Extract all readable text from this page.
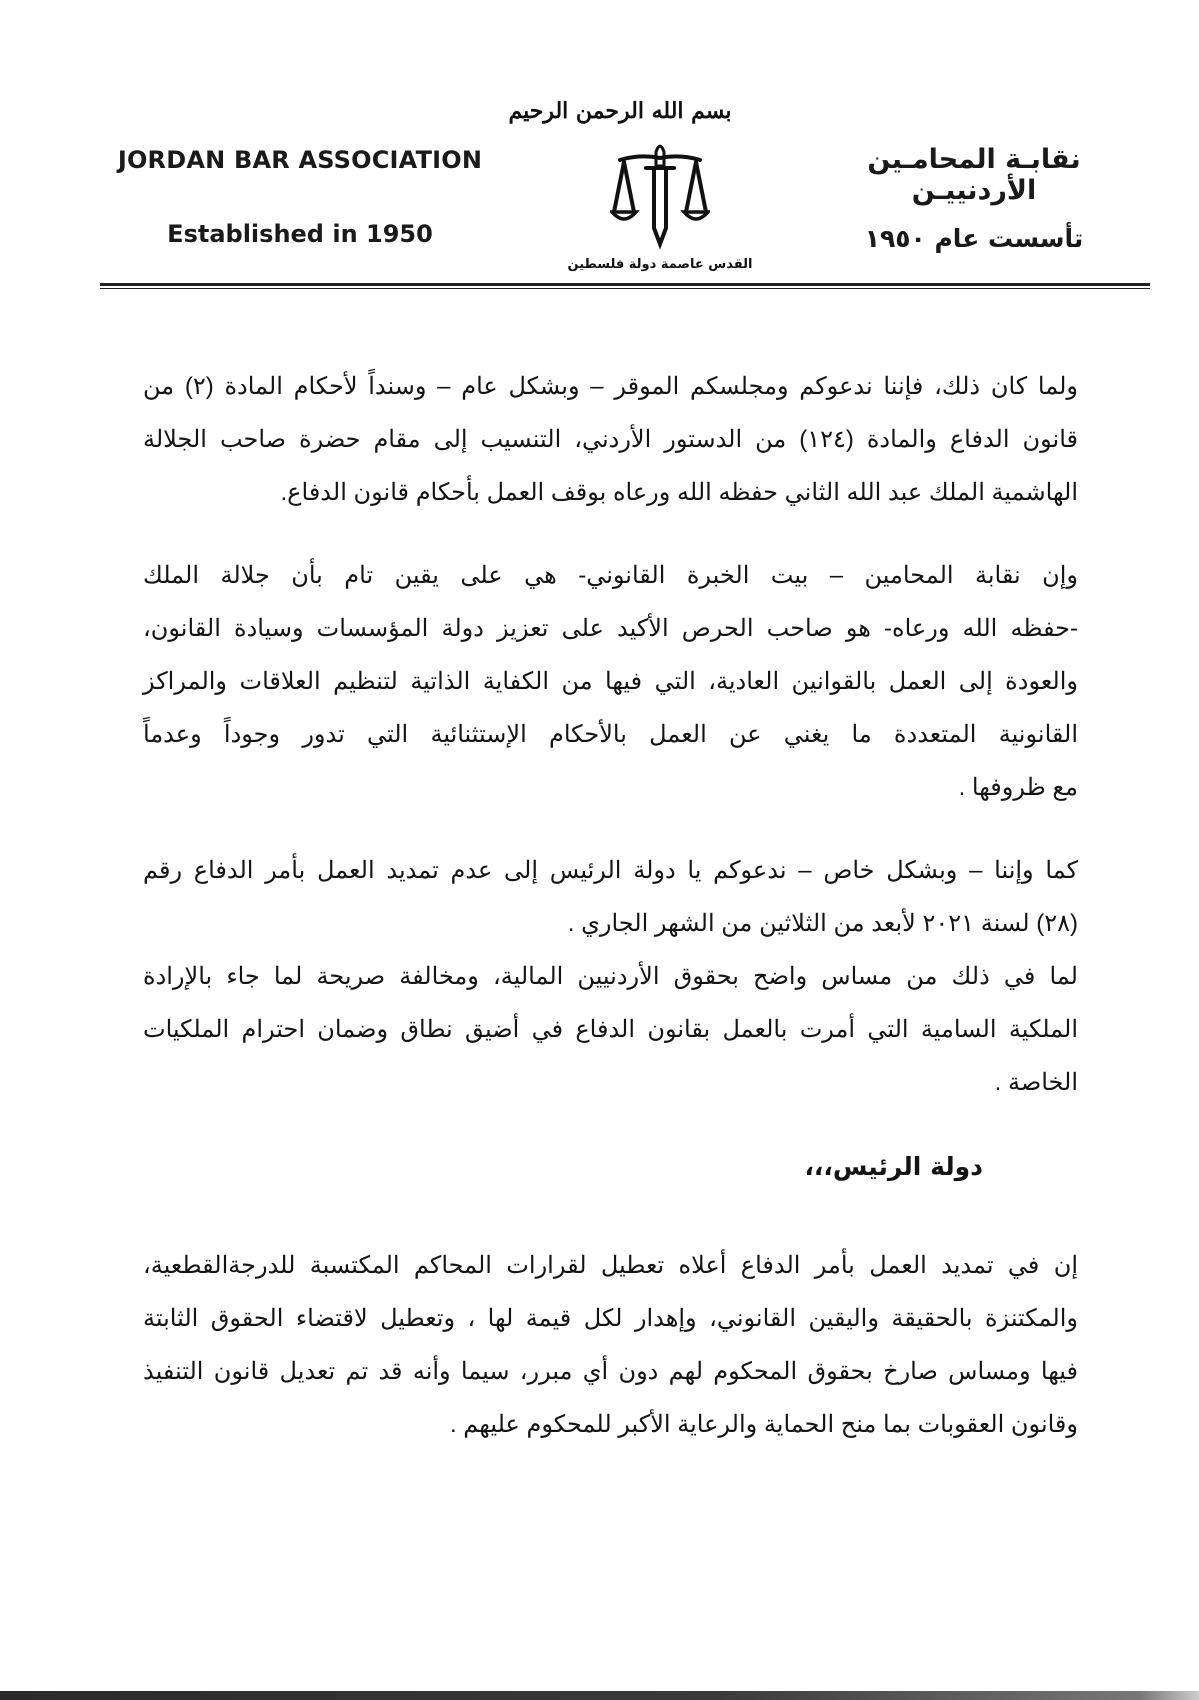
بسم الله الرحمن الرحيم
JORDAN BAR ASSOCIATION
Established in 1950
نقابـة المحامـين الأردنييـن
تأسست عام ١٩٥٠
القدس عاصمة دولة فلسطين

ولما كان ذلك، فإننا ندعوكم ومجلسكم الموقر – وبشكل عام – وسنداً لأحكام المادة (٢) من
قانون الدفاع والمادة (١٢٤) من الدستور الأردني، التنسيب إلى مقام حضرة صاحب الجلالة
الهاشمية الملك عبد الله الثاني حفظه الله ورعاه بوقف العمل بأحكام قانون الدفاع.

وإن نقابة المحامين – بيت الخبرة القانوني- هي على يقين تام بأن جلالة الملك
-حفظه الله ورعاه- هو صاحب الحرص الأكيد على تعزيز دولة المؤسسات وسيادة القانون،
والعودة إلى العمل بالقوانين العادية، التي فيها من الكفاية الذاتية لتنظيم العلاقات والمراكز
القانونية المتعددة ما يغني عن العمل بالأحكام الإستثنائية التي تدور وجوداً وعدماً
مع ظروفها .

كما وإننا – وبشكل خاص – ندعوكم يا دولة الرئيس إلى عدم تمديد العمل بأمر الدفاع رقم
(٢٨) لسنة ٢٠٢١ لأبعد من الثلاثين من الشهر الجاري .

لما في ذلك من مساس واضح بحقوق الأردنيين المالية، ومخالفة صريحة لما جاء بالإرادة
الملكية السامية التي أمرت بالعمل بقانون الدفاع في أضيق نطاق وضمان احترام الملكيات
الخاصة .

دولة الرئيس،،،

إن في تمديد العمل بأمر الدفاع أعلاه تعطيل لقرارات المحاكم المكتسبة للدرجةالقطعية،
والمكتنزة بالحقيقة واليقين القانوني، وإهدار لكل قيمة لها ، وتعطيل لاقتضاء الحقوق الثابتة
فيها ومساس صارخ بحقوق المحكوم لهم دون أي مبرر، سيما وأنه قد تم تعديل قانون التنفيذ
وقانون العقوبات بما منح الحماية والرعاية الأكبر للمحكوم عليهم .
